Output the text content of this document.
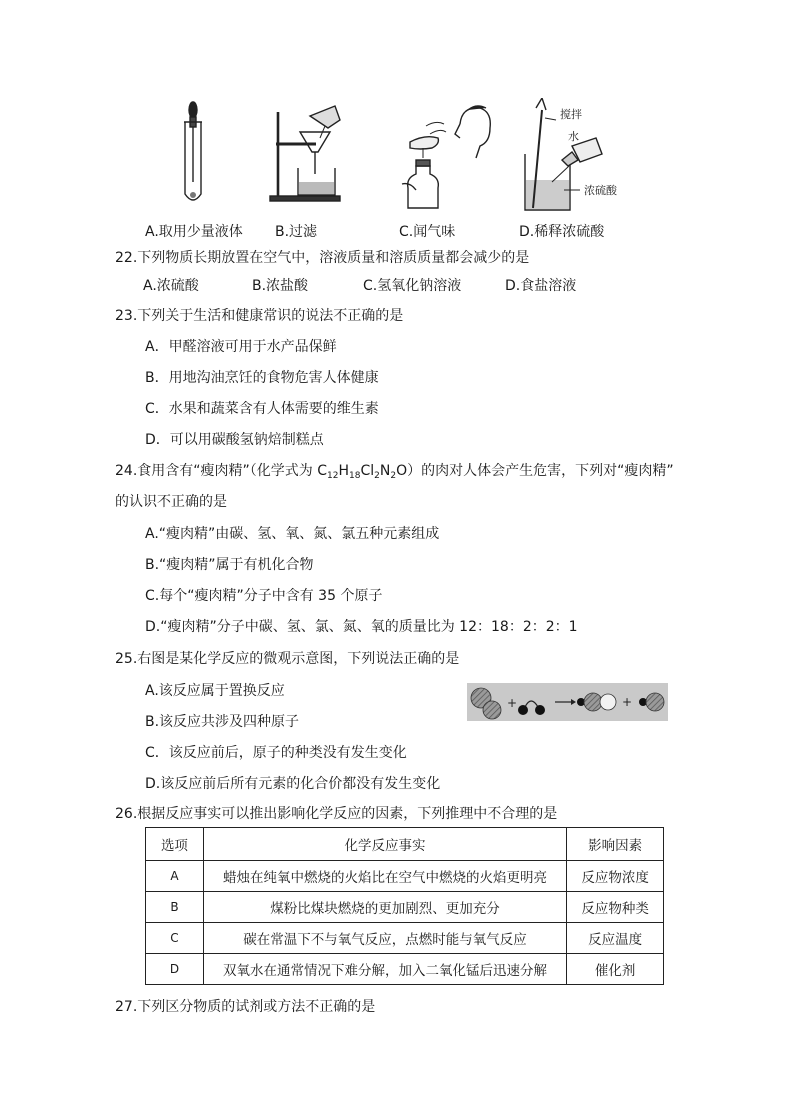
搅拌
水
浓硫酸
A.取用少量液体 B.过滤	C.闻气味	D.稀释浓硫酸
22.下列物质长期放置在空气中，溶液质量和溶质质量都会减少的是
A.浓硫酸	B.浓盐酸	C.氢氧化钠溶液	D.食盐溶液
23.下列关于生活和健康常识的说法不正确的是
A．甲醛溶液可用于水产品保鲜
B．用地沟油烹饪的食物危害人体健康
C．水果和蔬菜含有人体需要的维生素
D．可以用碳酸氢钠焙制糕点
24.食用含有“瘦肉精”（化学式为 $C_{12}H_{18}Cl_2N_2O$）的肉对人体会产生危害，下列对“瘦肉精”
的认识不正确的是
A.“瘦肉精”由碳、氢、氧、氮、氯五种元素组成
B.“瘦肉精”属于有机化合物
C.每个“瘦肉精”分子中含有 35 个原子
D.“瘦肉精”分子中碳、氢、氯、氮、氧的质量比为 12：18：2：2：1
25.右图是某化学反应的微观示意图，下列说法正确的是
A.该反应属于置换反应
B.该反应共涉及四种原子
C．该反应前后，原子的种类没有发生变化
D.该反应前后所有元素的化合价都没有发生变化
+	+
26.根据反应事实可以推出影响化学反应的因素，下列推理中不合理的是
选项	化学反应事实	影响因素
A	蜡烛在纯氧中燃烧的火焰比在空气中燃烧的火焰更明亮	反应物浓度
B	煤粉比煤块燃烧的更加剧烈、更加充分	反应物种类
C	碳在常温下不与氧气反应，点燃时能与氧气反应	反应温度
D	双氧水在通常情况下难分解，加入二氧化锰后迅速分解	催化剂
27.下列区分物质的试剂或方法不正确的是
